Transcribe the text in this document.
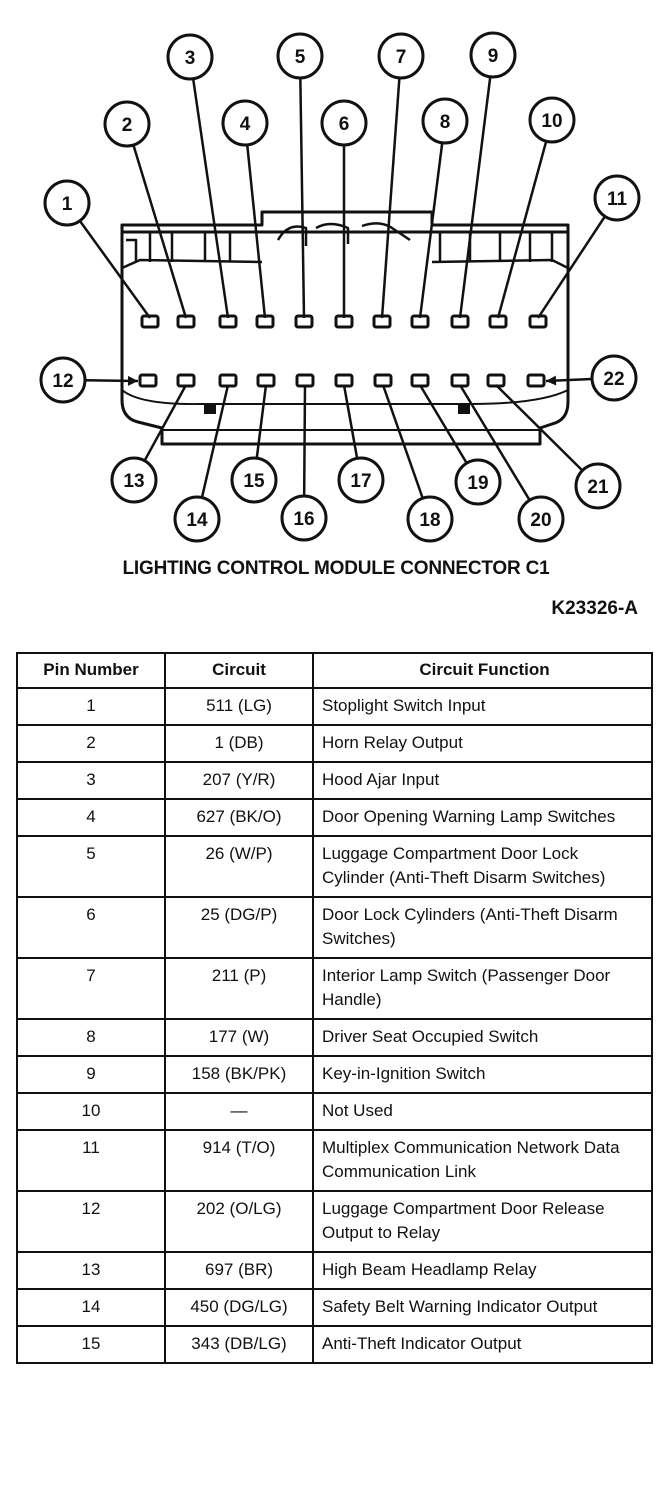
1
2
3
4
5
6
7
8
9
10
11
12
13
14
15
16
17
18
19
20
21
22
LIGHTING CONTROL MODULE CONNECTOR C1
K23326-A
Pin Number	Circuit	Circuit Function
1	511 (LG)	Stoplight Switch Input
2	1 (DB)	Horn Relay Output
3	207 (Y/R)	Hood Ajar Input
4	627 (BK/O)	Door Opening Warning Lamp Switches
5	26 (W/P)	Luggage Compartment Door Lock Cylinder (Anti-Theft Disarm Switches)
6	25 (DG/P)	Door Lock Cylinders (Anti-Theft Disarm Switches)
7	211 (P)	Interior Lamp Switch (Passenger Door Handle)
8	177 (W)	Driver Seat Occupied Switch
9	158 (BK/PK)	Key-in-Ignition Switch
10	—	Not Used
11	914 (T/O)	Multiplex Communication Network Data Communication Link
12	202 (O/LG)	Luggage Compartment Door Release Output to Relay
13	697 (BR)	High Beam Headlamp Relay
14	450 (DG/LG)	Safety Belt Warning Indicator Output
15	343 (DB/LG)	Anti-Theft Indicator Output
